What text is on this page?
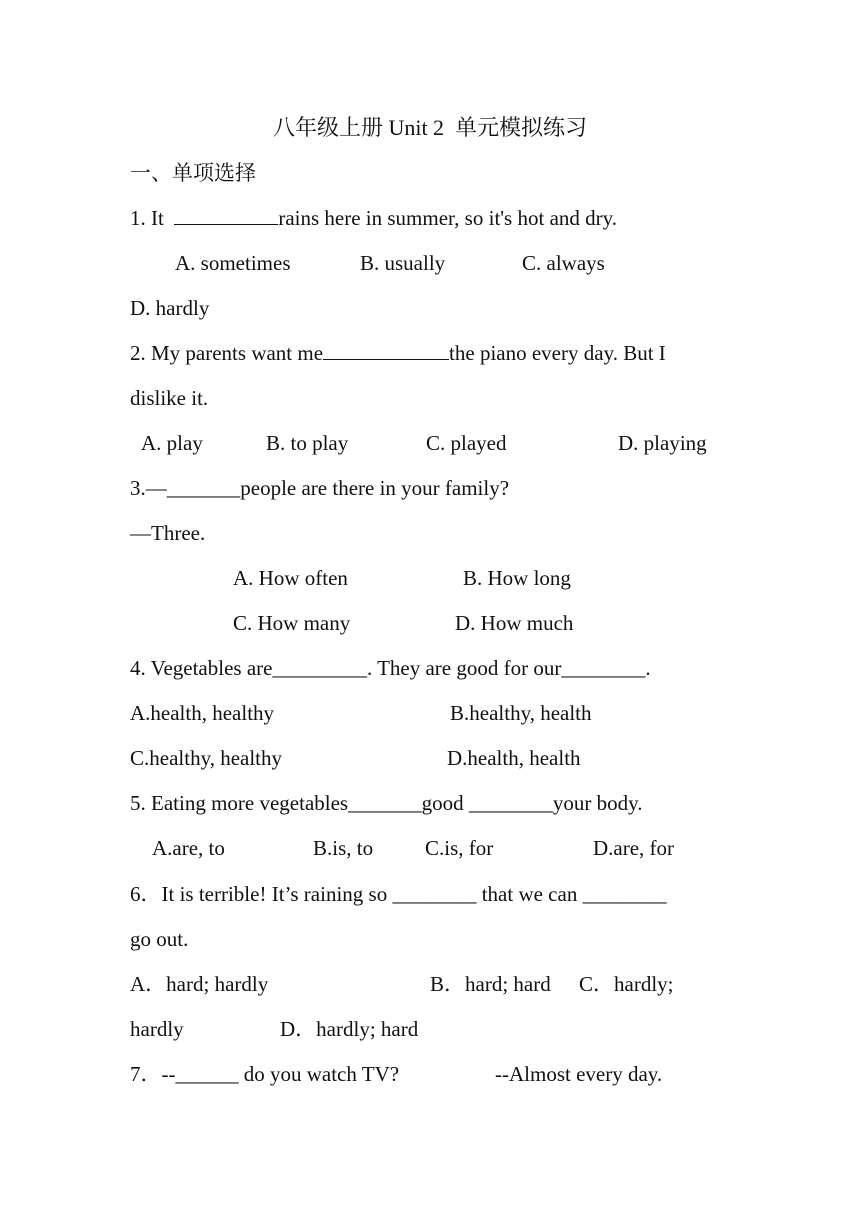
八年级上册 Unit 2  单元模拟练习
一、单项选择
1. It	rains here in summer, so it's hot and dry.
A. sometimes	B. usually	C. always
D. hardly
2. My parents want me	the piano every day. But I
dislike it.
A. play	B. to play	C. played	D. playing
3.—_______people are there in your family?
—Three.
A. How often	B. How long
C. How many	D. How much
4. Vegetables are_________. They are good for our________.
A.health, healthy	B.healthy, health
C.healthy, healthy	D.health, health
5. Eating more vegetables_______good ________your body.
A.are, to	B.is, to C.is, for	D.are, for
6．It is terrible! It’s raining so ________ that we can ________
go out.
A．hard; hardly	B．hard; hard C．hardly;
hardly	D．hardly; hard
7．--______ do you watch TV?	--Almost every day.
